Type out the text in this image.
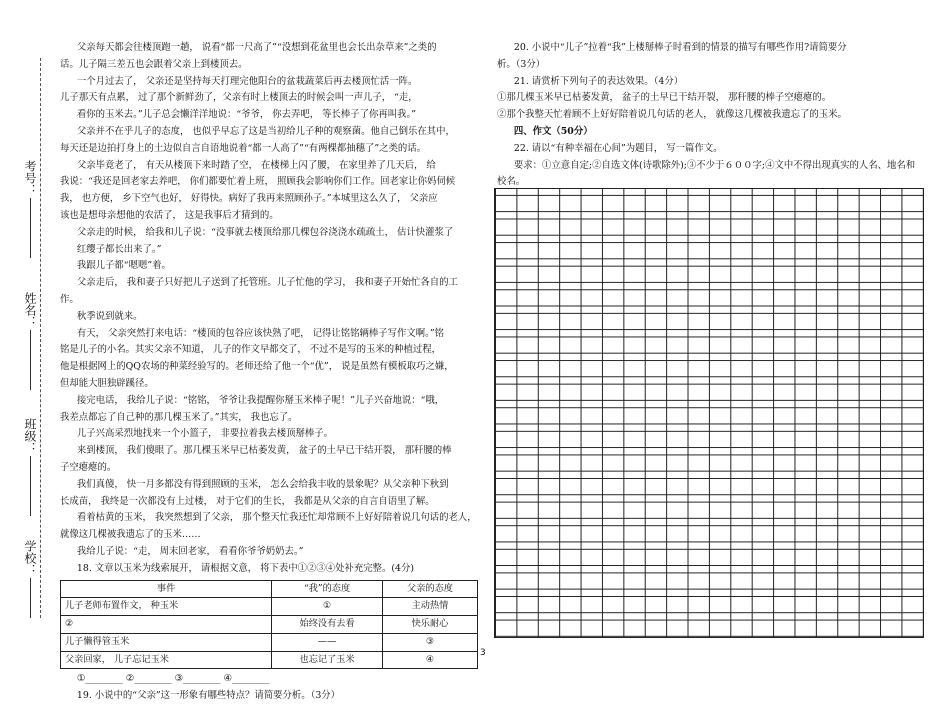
考号：
姓名：
班级：
学校：

父亲每天都会往楼顶跑一趟， 说看“都一尺高了”“没想到花盆里也会长出杂草来”之类的

话。儿子隔三差五也会跟着父亲上到楼顶去。

一个月过去了， 父亲还是坚持每天打理完他阳台的盆栽蔬菜后再去楼顶忙活一阵。

儿子那天有点累， 过了那个新鲜劲了，父亲有时上楼顶去的时候会叫一声儿子， “走，

看你的玉米去。”儿子总会懒洋洋地说：“爷爷， 你去弄吧， 等长棒子了你再叫我。”

父亲并不在乎儿子的态度， 也似乎早忘了这是当初给儿子种的观察菌。他自己倒乐在其中，

每天还是边拍打身上的土边似自言自语地说着“都一人高了”“有两棵都抽穗了”之类的话。

父亲毕竟老了， 有天从楼顶下来时踏了空， 在楼梯上闪了腰， 在家里养了几天后， 给

我说：“我还是回老家去养吧， 你们都要忙着上班， 照顾我会影响你们工作。回老家让你妈伺候

我， 也方便， 乡下空气也好， 好得快。病好了我再来照顾孙子。”本城里这么久了， 父亲应

该也是想母亲想他的农活了， 这是我事后才猜到的。

父亲走的时候， 给我和儿子说：“没事就去楼顶给那几棵包谷浇浇水疏疏土， 估计快灌浆了

红缨子都长出来了。”

我跟儿子都“嗯嗯”着。

父亲走后， 我和妻子只好把儿子送到了托管班。儿子忙他的学习， 我和妻子开始忙各自的工

作。

秋季说到就来。

有天， 父亲突然打来电话：“楼顶的包谷应该快熟了吧， 记得让铭铭辆棒子写作文啊。”铭

铭是儿子的小名。其实父亲不知道， 儿子的作文早都交了， 不过不是写的玉米的种植过程，

他是根据网上的QQ农场的种菜经验写的。老师还给了他一个“优”， 说是虽然有模板取巧之嫌，

但却能大胆独辟蹊径。

接完电话， 我给儿子说：“铭铭， 爷爷让我提醒你掰玉米棒子呢！”儿子兴奋地说：“哦，

我差点都忘了自己种的那几棵玉米了。”其实， 我也忘了。

儿子兴高采烈地找来一个小篮子， 非要拉着我去楼顶掰棒子。

来到楼顶， 我们傻眼了。那几棵玉米早已枯萎发黄， 盆子的土早已干结开裂， 那秆腰的棒

子空瘪瘪的。

我们真傻， 快一月多都没有得到照顾的玉米， 怎么会给我丰收的景象呢？从父亲种下秋到

长成苗， 我终是一次都没有上过楼， 对于它们的生长， 我都是从父亲的自言自语里了解。

看着枯黄的玉米， 我突然想到了父亲， 那个整天忙我还忙却常顾不上好好陪着说几句话的老人，

就像这几棵被我遗忘了的玉米……

我给儿子说：“走， 周末回老家， 看看你爷爷奶奶去。”

18. 文章以玉米为线索展开， 请根据文意， 将下表中①②③④处补充完整。(4分)

事件	“我”的态度	父亲的态度
儿子老师布置作文， 种玉米	①	主动热情
②	始终没有去看	快乐耐心
儿子懒得管玉米	——	③
父亲回家， 儿子忘记玉米	也忘记了玉米	④

①________ ②________ ③________ ④________

19. 小说中的“父亲”这一形象有哪些特点？请简要分析。（3分）

20. 小说中“儿子”拉着“我”上楼掰棒子时看到的情景的描写有哪些作用?请简要分

析。（3分）

21. 请赏析下列句子的表达效果。（4分）

①那几棵玉米早已枯萎发黄， 盆子的土早已干结开裂， 那秆腰的棒子空瘪瘪的。

②那个我整天忙着顾不上好好陪着说几句话的老人， 就像这几棵被我遗忘了的玉米。

四、作文（50分）

22. 请以“有种幸福在心间”为题目， 写一篇作文。

要求：①立意自定;②自选文体(诗歌除外);③不少于６００字;④文中不得出现真实的人名、地名和校名。

3
